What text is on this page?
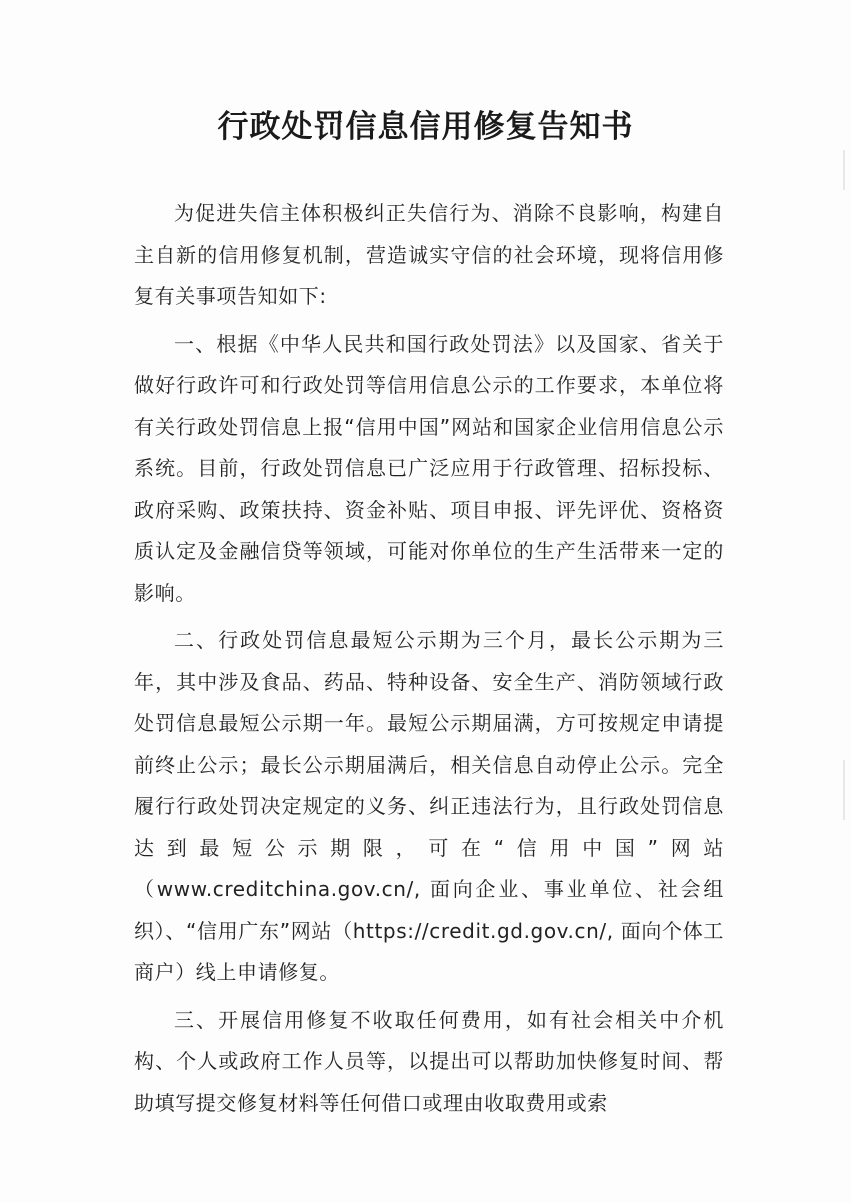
行政处罚信息信用修复告知书

为促进失信主体积极纠正失信行为、消除不良影响，构建自主自新的信用修复机制，营造诚实守信的社会环境，现将信用修复有关事项告知如下:

一、根据《中华人民共和国行政处罚法》以及国家、省关于做好行政许可和行政处罚等信用信息公示的工作要求，本单位将有关行政处罚信息上报“信用中国”网站和国家企业信用信息公示系统。目前，行政处罚信息已广泛应用于行政管理、招标投标、政府采购、政策扶持、资金补贴、项目申报、评先评优、资格资质认定及金融信贷等领域，可能对你单位的生产生活带来一定的影响。

二、行政处罚信息最短公示期为三个月，最长公示期为三年，其中涉及食品、药品、特种设备、安全生产、消防领域行政处罚信息最短公示期一年。最短公示期届满，方可按规定申请提前终止公示；最长公示期届满后，相关信息自动停止公示。完全履行行政处罚决定规定的义务、纠正违法行为，且行政处罚信息达到最短公示期限，可在“信用中国”网站（www.creditchina.gov.cn/, 面向企业、事业单位、社会组织）、“信用广东”网站（https://credit.gd.gov.cn/, 面向个体工商户）线上申请修复。

三、开展信用修复不收取任何费用，如有社会相关中介机构、个人或政府工作人员等，以提出可以帮助加快修复时间、帮助填写提交修复材料等任何借口或理由收取费用或索
